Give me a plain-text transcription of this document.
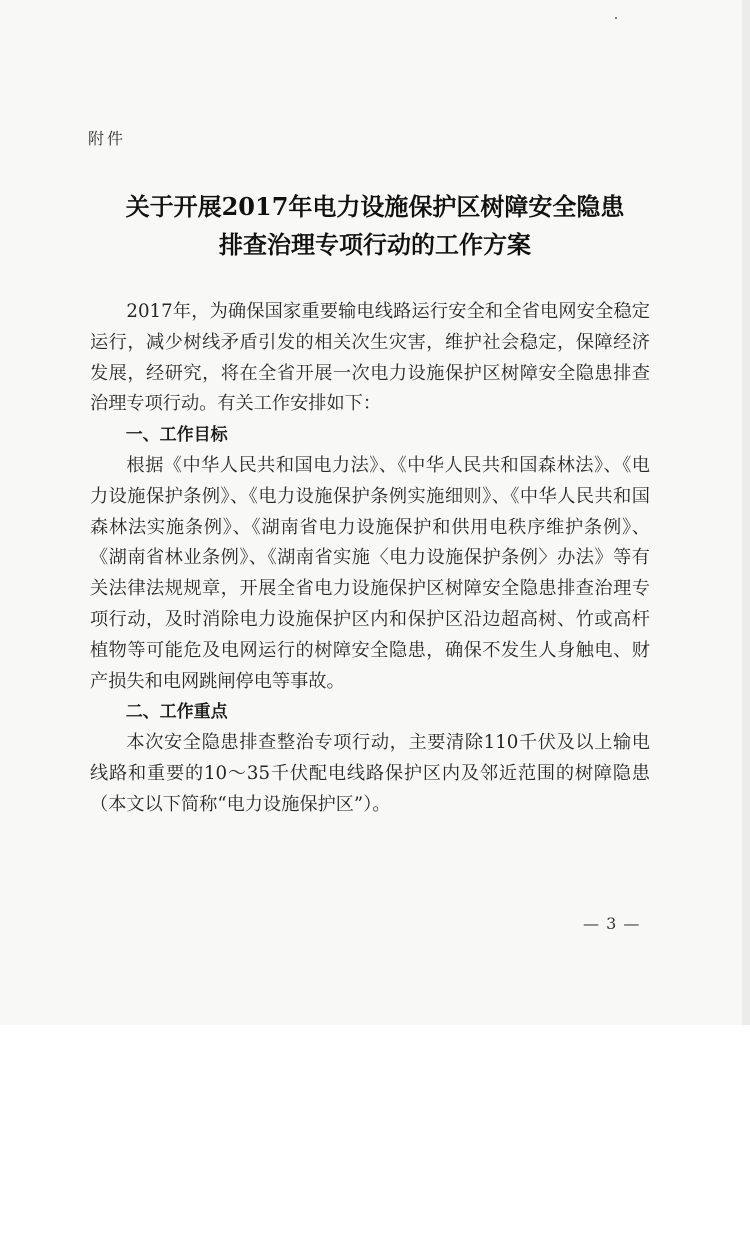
附件

关于开展2017年电力设施保护区树障安全隐患
排查治理专项行动的工作方案

2017年，为确保国家重要输电线路运行安全和全省电网安全稳定运行，减少树线矛盾引发的相关次生灾害，维护社会稳定，保障经济发展，经研究，将在全省开展一次电力设施保护区树障安全隐患排查治理专项行动。有关工作安排如下：

一、工作目标

根据《中华人民共和国电力法》、《中华人民共和国森林法》、《电力设施保护条例》、《电力设施保护条例实施细则》、《中华人民共和国森林法实施条例》、《湖南省电力设施保护和供用电秩序维护条例》、《湖南省林业条例》、《湖南省实施〈电力设施保护条例〉办法》等有关法律法规规章，开展全省电力设施保护区树障安全隐患排查治理专项行动，及时消除电力设施保护区内和保护区沿边超高树、竹或高杆植物等可能危及电网运行的树障安全隐患，确保不发生人身触电、财产损失和电网跳闸停电等事故。

二、工作重点

本次安全隐患排查整治专项行动，主要清除110千伏及以上输电线路和重要的10～35千伏配电线路保护区内及邻近范围的树障隐患（本文以下简称“电力设施保护区”）。

— 3 —
